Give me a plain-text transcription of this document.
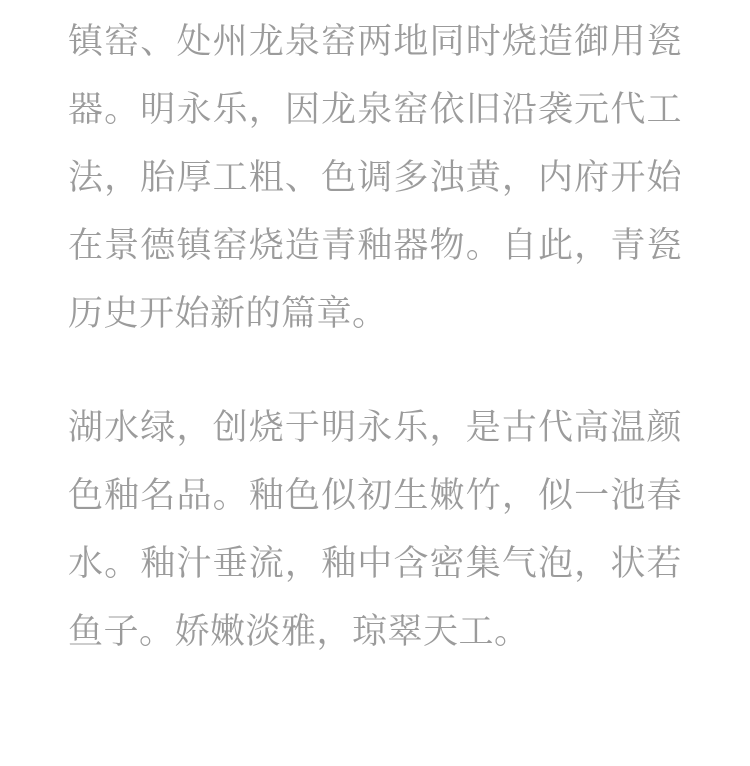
镇窑、处州龙泉窑两地同时烧造御用瓷器。明永乐，因龙泉窑依旧沿袭元代工法，胎厚工粗、色调多浊黄，内府开始在景德镇窑烧造青釉器物。自此，青瓷历史开始新的篇章。

湖水绿，创烧于明永乐，是古代高温颜色釉名品。釉色似初生嫩竹，似一池春水。釉汁垂流，釉中含密集气泡，状若鱼子。娇嫩淡雅，琼翠天工。
